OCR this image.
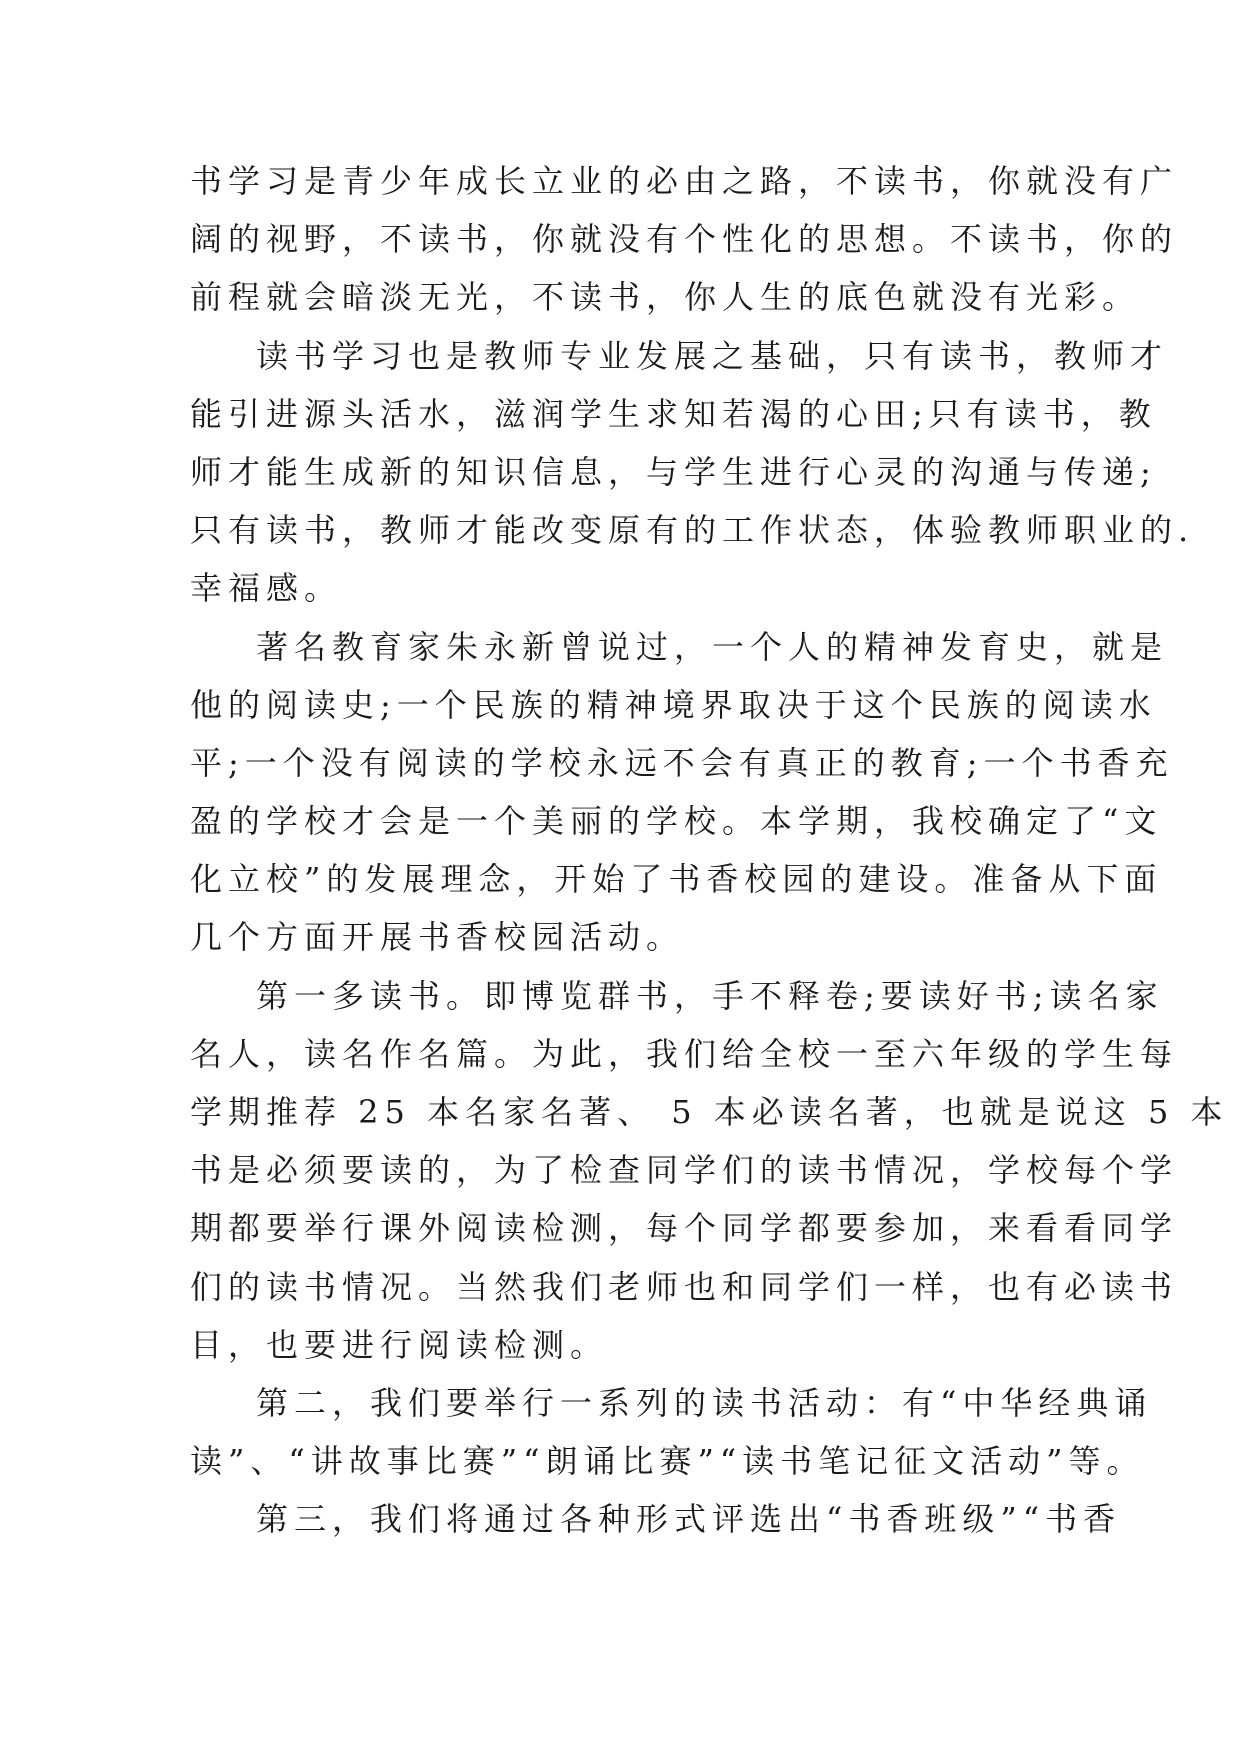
书学习是青少年成长立业的必由之路，不读书，你就没有广
阔的视野，不读书，你就没有个性化的思想。不读书，你的
前程就会暗淡无光，不读书，你人生的底色就没有光彩。
读书学习也是教师专业发展之基础，只有读书，教师才
能引进源头活水，滋润学生求知若渴的心田;只有读书，教
师才能生成新的知识信息，与学生进行心灵的沟通与传递;
只有读书，教师才能改变原有的工作状态，体验教师职业的.
幸福感。
著名教育家朱永新曾说过，一个人的精神发育史，就是
他的阅读史;一个民族的精神境界取决于这个民族的阅读水
平;一个没有阅读的学校永远不会有真正的教育;一个书香充
盈的学校才会是一个美丽的学校。本学期，我校确定了“文
化立校”的发展理念，开始了书香校园的建设。准备从下面
几个方面开展书香校园活动。
第一多读书。即博览群书，手不释卷;要读好书;读名家
名人，读名作名篇。为此，我们给全校一至六年级的学生每
学期推荐 25 本名家名著、 5 本必读名著，也就是说这 5 本
书是必须要读的，为了检查同学们的读书情况，学校每个学
期都要举行课外阅读检测，每个同学都要参加，来看看同学
们的读书情况。当然我们老师也和同学们一样，也有必读书
目，也要进行阅读检测。
第二，我们要举行一系列的读书活动：有“中华经典诵
读”、“讲故事比赛”“朗诵比赛”“读书笔记征文活动”等。
第三，我们将通过各种形式评选出“书香班级”“书香
